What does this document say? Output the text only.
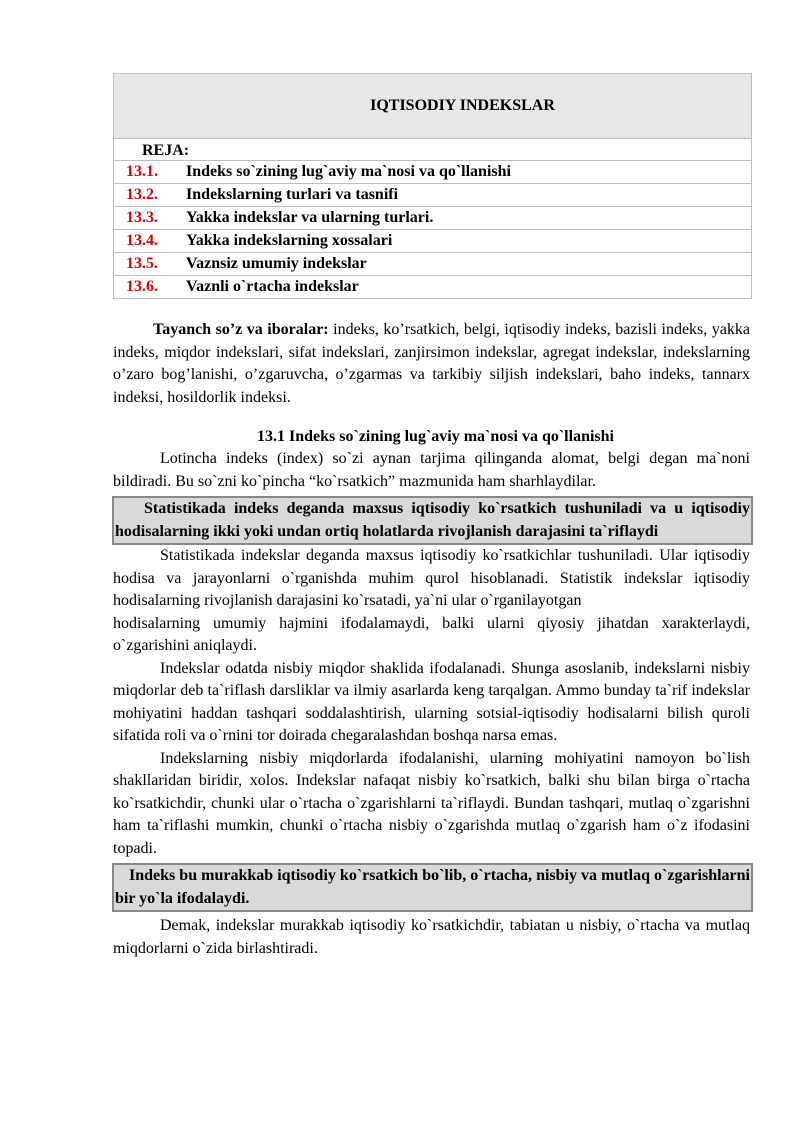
IQTISODIY INDEKSLAR
REJA:
13.1.	Indeks so`zining lug`aviy ma`nosi va qo`llanishi
13.2.	Indekslarning turlari va tasnifi
13.3.	Yakka indekslar va ularning turlari.
13.4.	Yakka indekslarning xossalari
13.5.	Vaznsiz umumiy indekslar
13.6.	Vaznli o`rtacha indekslar

Tayanch so’z va iboralar: indeks, ko’rsatkich, belgi, iqtisodiy indeks, bazisli indeks, yakka indeks, miqdor indekslari, sifat indekslari, zanjirsimon indekslar, agregat indekslar, indekslarning o’zaro bog’lanishi, o’zgaruvcha, o’zgarmas va tarkibiy siljish indekslari, baho indeks, tannarx indeksi, hosildorlik indeksi.

13.1 Indeks so`zining lug`aviy ma`nosi va qo`llanishi

Lotincha indeks (index) so`zi aynan tarjima qilinganda alomat, belgi degan ma`noni bildiradi. Bu so`zni ko`pincha “ko`rsatkich” mazmunida ham sharhlaydilar.

Statistikada indeks deganda maxsus iqtisodiy ko`rsatkich tushuniladi va u iqtisodiy hodisalarning ikki yoki undan ortiq holatlarda rivojlanish darajasini ta`riflaydi

Statistikada indekslar deganda maxsus iqtisodiy ko`rsatkichlar tushuniladi. Ular iqtisodiy hodisa va jarayonlarni o`rganishda muhim qurol hisoblanadi. Statistik indekslar iqtisodiy hodisalarning rivojlanish darajasini ko`rsatadi, ya`ni ular o`rganilayotgan

hodisalarning umumiy hajmini ifodalamaydi, balki ularni qiyosiy jihatdan xarakterlaydi, o`zgarishini aniqlaydi.

Indekslar odatda nisbiy miqdor shaklida ifodalanadi. Shunga asoslanib, indekslarni nisbiy miqdorlar deb ta`riflash darsliklar va ilmiy asarlarda keng tarqalgan. Ammo bunday ta`rif indekslar mohiyatini haddan tashqari soddalashtirish, ularning sotsial-iqtisodiy hodisalarni bilish quroli sifatida roli va o`rnini tor doirada chegaralashdan boshqa narsa emas.

Indekslarning nisbiy miqdorlarda ifodalanishi, ularning mohiyatini namoyon bo`lish shakllaridan biridir, xolos. Indekslar nafaqat nisbiy ko`rsatkich, balki shu bilan birga o`rtacha ko`rsatkichdir, chunki ular o`rtacha o`zgarishlarni ta`riflaydi. Bundan tashqari, mutlaq o`zgarishni ham ta`riflashi mumkin, chunki o`rtacha nisbiy o`zgarishda mutlaq o`zgarish ham o`z ifodasini topadi.

Indeks bu murakkab iqtisodiy ko`rsatkich bo`lib, o`rtacha, nisbiy va mutlaq o`zgarishlarni bir yo`la ifodalaydi.

Demak, indekslar murakkab iqtisodiy ko`rsatkichdir, tabiatan u nisbiy, o`rtacha va mutlaq miqdorlarni o`zida birlashtiradi.
